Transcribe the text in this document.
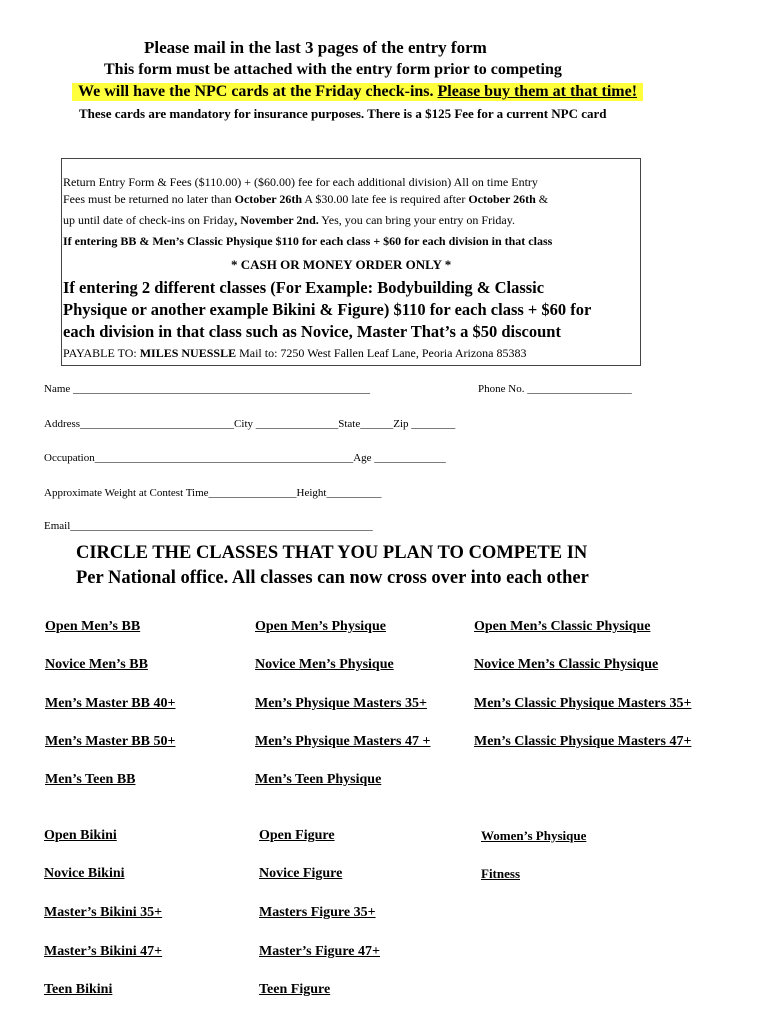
Please mail in the last 3 pages of the entry form
This form must be attached with the entry form prior to competing
We will have the NPC cards at the Friday check-ins. Please buy them at that time!
These cards are mandatory for insurance purposes. There is a $125 Fee for a current NPC card
Return Entry Form & Fees ($110.00) + ($60.00) fee for each additional division) All on time Entry
Fees must be returned no later than October 26th A $30.00 late fee is required after October 26th &
up until date of check-ins on Friday, November 2nd. Yes, you can bring your entry on Friday.
If entering BB & Men’s Classic Physique $110 for each class + $60 for each division in that class
* CASH OR MONEY ORDER ONLY *
If entering 2 different classes (For Example: Bodybuilding & Classic
Physique or another example Bikini & Figure) $110 for each class + $60 for
each division in that class such as Novice, Master That’s a $50 discount
PAYABLE TO: MILES NUESSLE Mail to: 7250 West Fallen Leaf Lane, Peoria Arizona 85383
Name ______________________________________________________	Phone No. ___________________
Address____________________________City _______________State______Zip ________
Occupation_______________________________________________Age _____________
Approximate Weight at Contest Time________________Height__________
Email_______________________________________________________
CIRCLE THE CLASSES THAT YOU PLAN TO COMPETE IN
Per National office. All classes can now cross over into each other
Open Men’s BB	Open Men’s Physique	Open Men’s Classic Physique
Novice Men’s BB	Novice Men’s Physique	Novice Men’s Classic Physique
Men’s Master BB 40+	Men’s Physique Masters 35+	Men’s Classic Physique Masters 35+
Men’s Master BB 50+	Men’s Physique Masters 47 +	Men’s Classic Physique Masters 47+
Men’s Teen BB	Men’s Teen Physique
Open Bikini	Open Figure	Women’s Physique
Novice Bikini	Novice Figure	Fitness
Master’s Bikini 35+	Masters Figure 35+
Master’s Bikini 47+	Master’s Figure 47+
Teen Bikini	Teen Figure
